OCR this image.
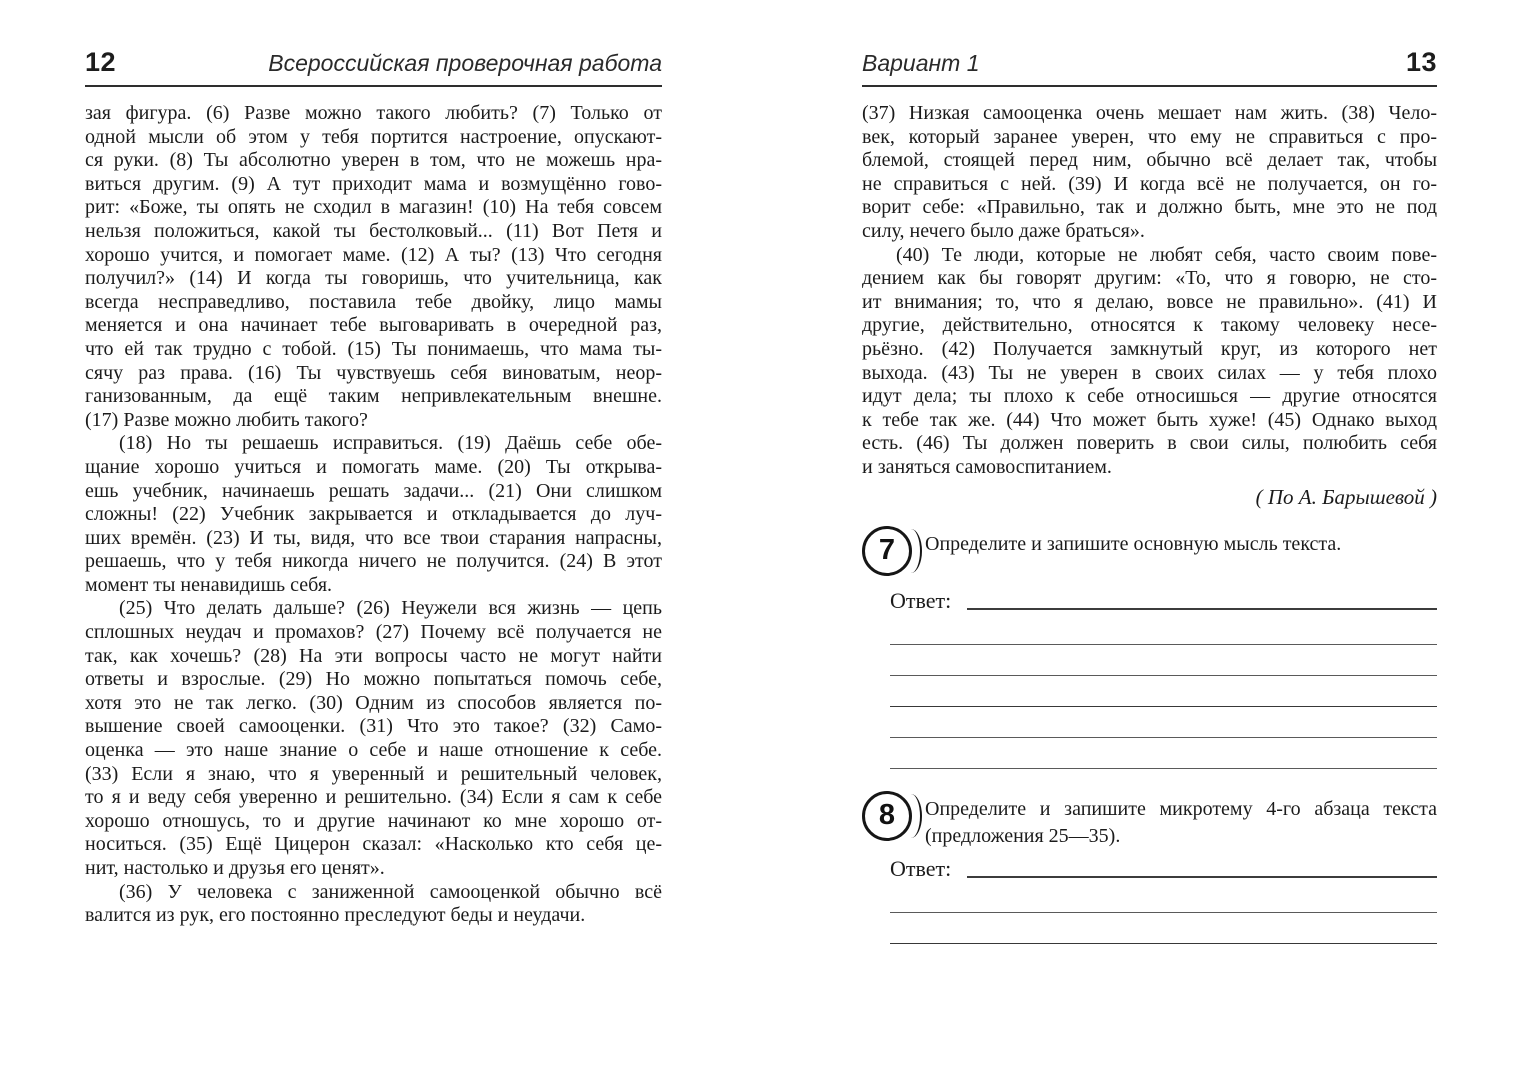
12	Всероссийская проверочная работа
зая фигура. (6) Разве можно такого любить? (7) Только от
одной мысли об этом у тебя портится настроение, опускают-
ся руки. (8) Ты абсолютно уверен в том, что не можешь нра-
виться другим. (9) А тут приходит мама и возмущённо гово-
рит: «Боже, ты опять не сходил в магазин! (10) На тебя совсем
нельзя положиться, какой ты бестолковый... (11) Вот Петя и
хорошо учится, и помогает маме. (12) А ты? (13) Что сегодня
получил?» (14) И когда ты говоришь, что учительница, как
всегда несправедливо, поставила тебе двойку, лицо мамы
меняется и она начинает тебе выговаривать в очередной раз,
что ей так трудно с тобой. (15) Ты понимаешь, что мама ты-
сячу раз права. (16) Ты чувствуешь себя виноватым, неор-
ганизованным, да ещё таким непривлекательным внешне.
(17) Разве можно любить такого?
(18) Но ты решаешь исправиться. (19) Даёшь себе обе-
щание хорошо учиться и помогать маме. (20) Ты открыва-
ешь учебник, начинаешь решать задачи... (21) Они слишком
сложны! (22) Учебник закрывается и откладывается до луч-
ших времён. (23) И ты, видя, что все твои старания напрасны,
решаешь, что у тебя никогда ничего не получится. (24) В этот
момент ты ненавидишь себя.
(25) Что делать дальше? (26) Неужели вся жизнь — цепь
сплошных неудач и промахов? (27) Почему всё получается не
так, как хочешь? (28) На эти вопросы часто не могут найти
ответы и взрослые. (29) Но можно попытаться помочь себе,
хотя это не так легко. (30) Одним из способов является по-
вышение своей самооценки. (31) Что это такое? (32) Само-
оценка — это наше знание о себе и наше отношение к себе.
(33) Если я знаю, что я уверенный и решительный человек,
то я и веду себя уверенно и решительно. (34) Если я сам к себе
хорошо отношусь, то и другие начинают ко мне хорошо от-
носиться. (35) Ещё Цицерон сказал: «Насколько кто себя це-
нит, настолько и друзья его ценят».
(36) У человека с заниженной самооценкой обычно всё
валится из рук, его постоянно преследуют беды и неудачи.
Вариант 1	13
(37) Низкая самооценка очень мешает нам жить. (38) Чело-
век, который заранее уверен, что ему не справиться с про-
блемой, стоящей перед ним, обычно всё делает так, чтобы
не справиться с ней. (39) И когда всё не получается, он го-
ворит себе: «Правильно, так и должно быть, мне это не под
силу, нечего было даже браться».
(40) Те люди, которые не любят себя, часто своим пове-
дением как бы говорят другим: «То, что я говорю, не сто-
ит внимания; то, что я делаю, вовсе не правильно». (41) И
другие, действительно, относятся к такому человеку несе-
рьёзно. (42) Получается замкнутый круг, из которого нет
выхода. (43) Ты не уверен в своих силах — у тебя плохо
идут дела; ты плохо к себе относишься — другие относятся
к тебе так же. (44) Что может быть хуже! (45) Однако выход
есть. (46) Ты должен поверить в свои силы, полюбить себя
и заняться самовоспитанием.
( По А. Барышевой )
7	Определите и запишите основную мысль текста.
Ответ:
8	Определите и запишите микротему 4-го абзаца текста
(предложения 25—35).
Ответ:
